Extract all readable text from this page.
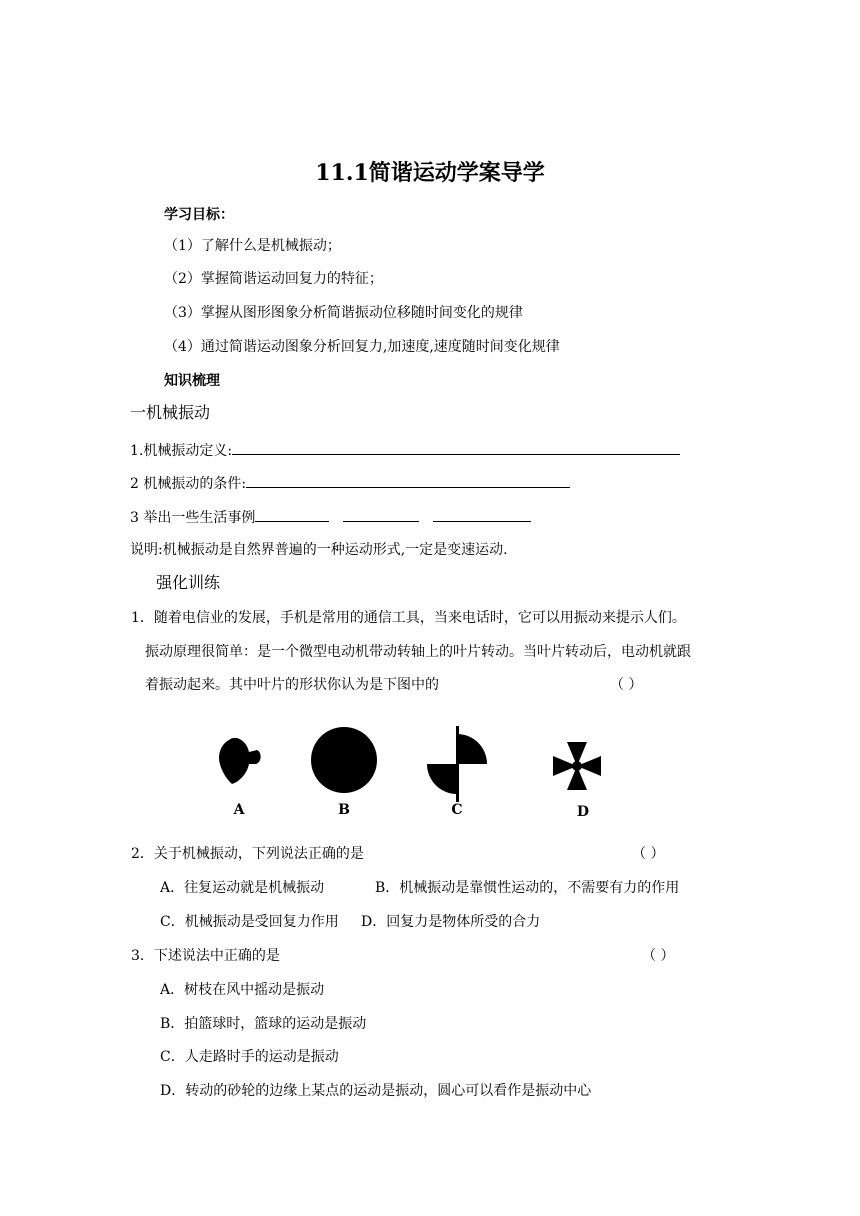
11.1简谐运动学案导学
学习目标：
（1）了解什么是机械振动；
（2）掌握简谐运动回复力的特征；
（3）掌握从图形图象分析简谐振动位移随时间变化的规律
（4）通过简谐运动图象分析回复力,加速度,速度随时间变化规律
知识梳理
一机械振动
1.机械振动定义:
2 机械振动的条件:
3 举出一些生活事例
说明:机械振动是自然界普遍的一种运动形式,一定是变速运动.
强化训练
1．随着电信业的发展，手机是常用的通信工具，当来电话时，它可以用振动来提示人们。
振动原理很简单：是一个微型电动机带动转轴上的叶片转动。当叶片转动后，电动机就跟
着振动起来。其中叶片的形状你认为是下图中的	（ ）
A	B	C	D
2．关于机械振动，下列说法正确的是	（ ）
A．往复运动就是机械振动	B．机械振动是靠惯性运动的，不需要有力的作用
C．机械振动是受回复力作用 D．回复力是物体所受的合力
3．下述说法中正确的是	（ ）
A．树枝在风中摇动是振动
B．拍篮球时，篮球的运动是振动
C．人走路时手的运动是振动
D．转动的砂轮的边缘上某点的运动是振动，圆心可以看作是振动中心
